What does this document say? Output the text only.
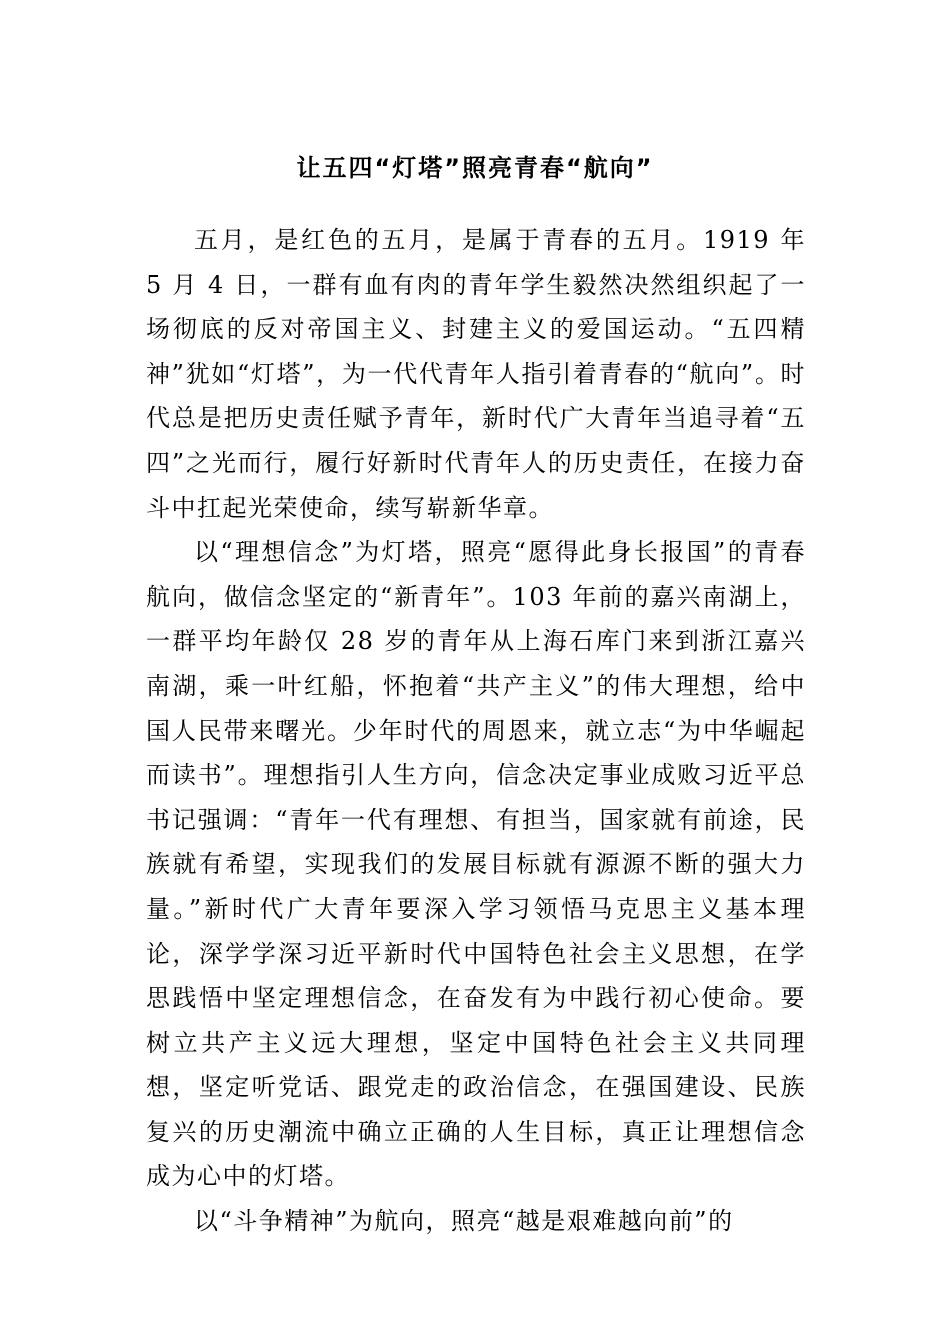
让五四“灯塔”照亮青春“航向”

五月，是红色的五月，是属于青春的五月。1919 年 5 月 4 日，一群有血有肉的青年学生毅然决然组织起了一场彻底的反对帝国主义、封建主义的爱国运动。“五四精神”犹如“灯塔”，为一代代青年人指引着青春的“航向”。时代总是把历史责任赋予青年，新时代广大青年当追寻着“五四”之光而行，履行好新时代青年人的历史责任，在接力奋斗中扛起光荣使命，续写崭新华章。

以“理想信念”为灯塔，照亮“愿得此身长报国”的青春航向，做信念坚定的“新青年”。103 年前的嘉兴南湖上，一群平均年龄仅 28 岁的青年从上海石库门来到浙江嘉兴南湖，乘一叶红船，怀抱着“共产主义”的伟大理想，给中国人民带来曙光。少年时代的周恩来，就立志“为中华崛起而读书”。理想指引人生方向，信念决定事业成败习近平总书记强调：“青年一代有理想、有担当，国家就有前途，民族就有希望，实现我们的发展目标就有源源不断的强大力量。”新时代广大青年要深入学习领悟马克思主义基本理论，深学学深习近平新时代中国特色社会主义思想，在学思践悟中坚定理想信念，在奋发有为中践行初心使命。要树立共产主义远大理想，坚定中国特色社会主义共同理想，坚定听党话、跟党走的政治信念，在强国建设、民族复兴的历史潮流中确立正确的人生目标，真正让理想信念成为心中的灯塔。

以“斗争精神”为航向，照亮“越是艰难越向前”的
